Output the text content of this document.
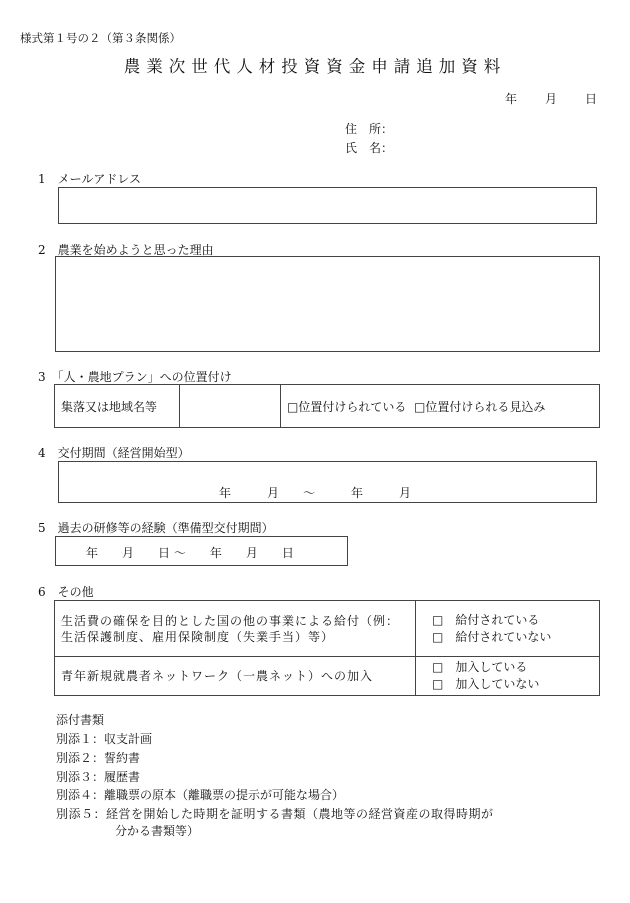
様式第１号の２（第３条関係）
農業次世代人材投資資金申請追加資料
年 月 日
住　所：
氏　名：
1　メールアドレス
2　農業を始めようと思った理由
3　「人・農地プラン」への位置付け
集落又は地域名等		□位置付けられている □位置付けられる見込み
4　交付期間（経営開始型）
年　　　月　　～　　　年　　　月
5　過去の研修等の経験（準備型交付期間）
年　　月　　日 ～　　年　　月　　日
6　その他
生活費の確保を目的とした国の他の事業による給付（例：生活保護制度、雇用保険制度（失業手当）等）	□　給付されている
□　給付されていない

青年新規就農者ネットワーク（一農ネット）への加入	□　加入している
□　加入していない
添付書類
別添１：収支計画
別添２：誓約書
別添３：履歴書
別添４：離職票の原本（離職票の提示が可能な場合）
別添５：経営を開始した時期を証明する書類（農地等の経営資産の取得時期が
分かる書類等）
